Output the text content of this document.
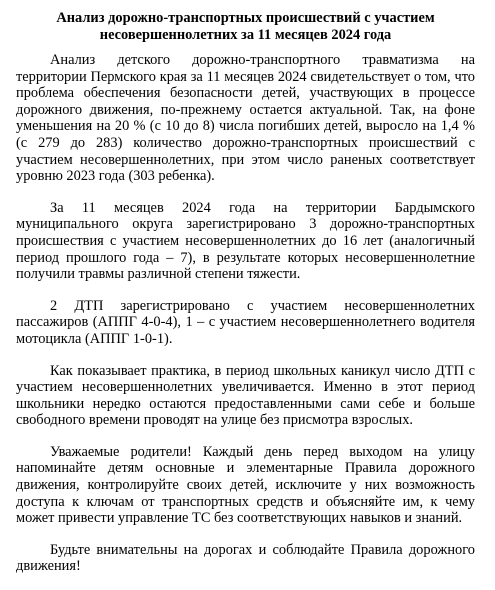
Анализ дорожно-транспортных происшествий с участием несовершеннолетних за 11 месяцев 2024 года
Анализ детского дорожно-транспортного травматизма на территории Пермского края за 11 месяцев 2024 свидетельствует о том, что проблема обеспечения безопасности детей, участвующих в процессе дорожного движения, по-прежнему остается актуальной. Так, на фоне уменьшения на 20 % (с 10 до 8) числа погибших детей, выросло на 1,4 % (с 279 до 283) количество дорожно-транспортных происшествий с участием несовершеннолетних, при этом число раненых соответствует уровню 2023 года (303 ребенка).
За 11 месяцев 2024 года на территории Бардымского муниципального округа зарегистрировано 3 дорожно-транспортных происшествия с участием несовершеннолетних до 16 лет (аналогичный период прошлого года – 7), в результате которых несовершеннолетние получили травмы различной степени тяжести.
2 ДТП зарегистрировано с участием несовершеннолетних пассажиров (АППГ 4-0-4), 1 – с участием несовершеннолетнего водителя мотоцикла (АППГ 1-0-1).
Как показывает практика, в период школьных каникул число ДТП с участием несовершеннолетних увеличивается. Именно в этот период школьники нередко остаются предоставленными сами себе и больше свободного времени проводят на улице без присмотра взрослых.
Уважаемые родители! Каждый день перед выходом на улицу напоминайте детям основные и элементарные Правила дорожного движения, контролируйте своих детей, исключите у них возможность доступа к ключам от транспортных средств и объясняйте им, к чему может привести управление ТС без соответствующих навыков и знаний.
Будьте внимательны на дорогах и соблюдайте Правила дорожного движения!
